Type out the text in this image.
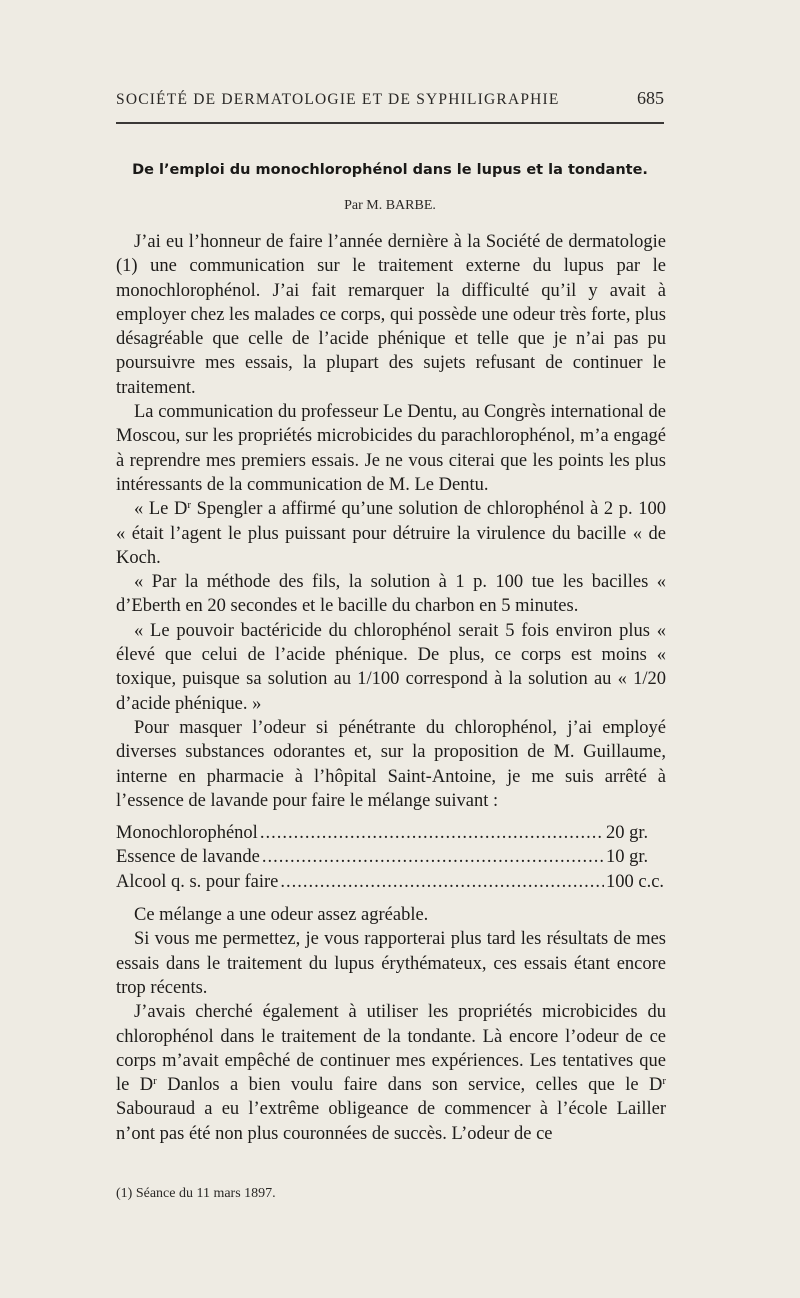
SOCIÉTÉ DE DERMATOLOGIE ET DE SYPHILIGRAPHIE	685
De l’emploi du monochlorophénol dans le lupus et la tondante.
Par M. BARBE.

J’ai eu l’honneur de faire l’année dernière à la Société de dermatologie (1) une communication sur le traitement externe du lupus par le monochlorophénol. J’ai fait remarquer la difficulté qu’il y avait à employer chez les malades ce corps, qui possède une odeur très forte, plus désagréable que celle de l’acide phénique et telle que je n’ai pas pu poursuivre mes essais, la plupart des sujets refusant de continuer le traitement.

La communication du professeur Le Dentu, au Congrès international de Moscou, sur les propriétés microbicides du parachlorophénol, m’a engagé à reprendre mes premiers essais. Je ne vous citerai que les points les plus intéressants de la communication de M. Le Dentu.

« Le $D^r$ Spengler a affirmé qu’une solution de chlorophénol à 2 p. 100 « était l’agent le plus puissant pour détruire la virulence du bacille « de Koch.

« Par la méthode des fils, la solution à 1 p. 100 tue les bacilles « d’Eberth en 20 secondes et le bacille du charbon en 5 minutes.

« Le pouvoir bactéricide du chlorophénol serait 5 fois environ plus « élevé que celui de l’acide phénique. De plus, ce corps est moins « toxique, puisque sa solution au 1/100 correspond à la solution au « 1/20 d’acide phénique. »

Pour masquer l’odeur si pénétrante du chlorophénol, j’ai employé diverses substances odorantes et, sur la proposition de M. Guillaume, interne en pharmacie à l’hôpital Saint-Antoine, je me suis arrêté à l’essence de lavande pour faire le mélange suivant :

Monochlorophénol .....	20 gr.
Essence de lavande .....	10 gr.
Alcool q. s. pour faire .....	100 c.c.

Ce mélange a une odeur assez agréable.

Si vous me permettez, je vous rapporterai plus tard les résultats de mes essais dans le traitement du lupus érythémateux, ces essais étant encore trop récents.

J’avais cherché également à utiliser les propriétés microbicides du chlorophénol dans le traitement de la tondante. Là encore l’odeur de ce corps m’avait empêché de continuer mes expériences. Les tentatives que le $D^r$ Danlos a bien voulu faire dans son service, celles que le $D^r$ Sabouraud a eu l’extrême obligeance de commencer à l’école Lailler n’ont pas été non plus couronnées de succès. L’odeur de ce

(1) Séance du 11 mars 1897.
